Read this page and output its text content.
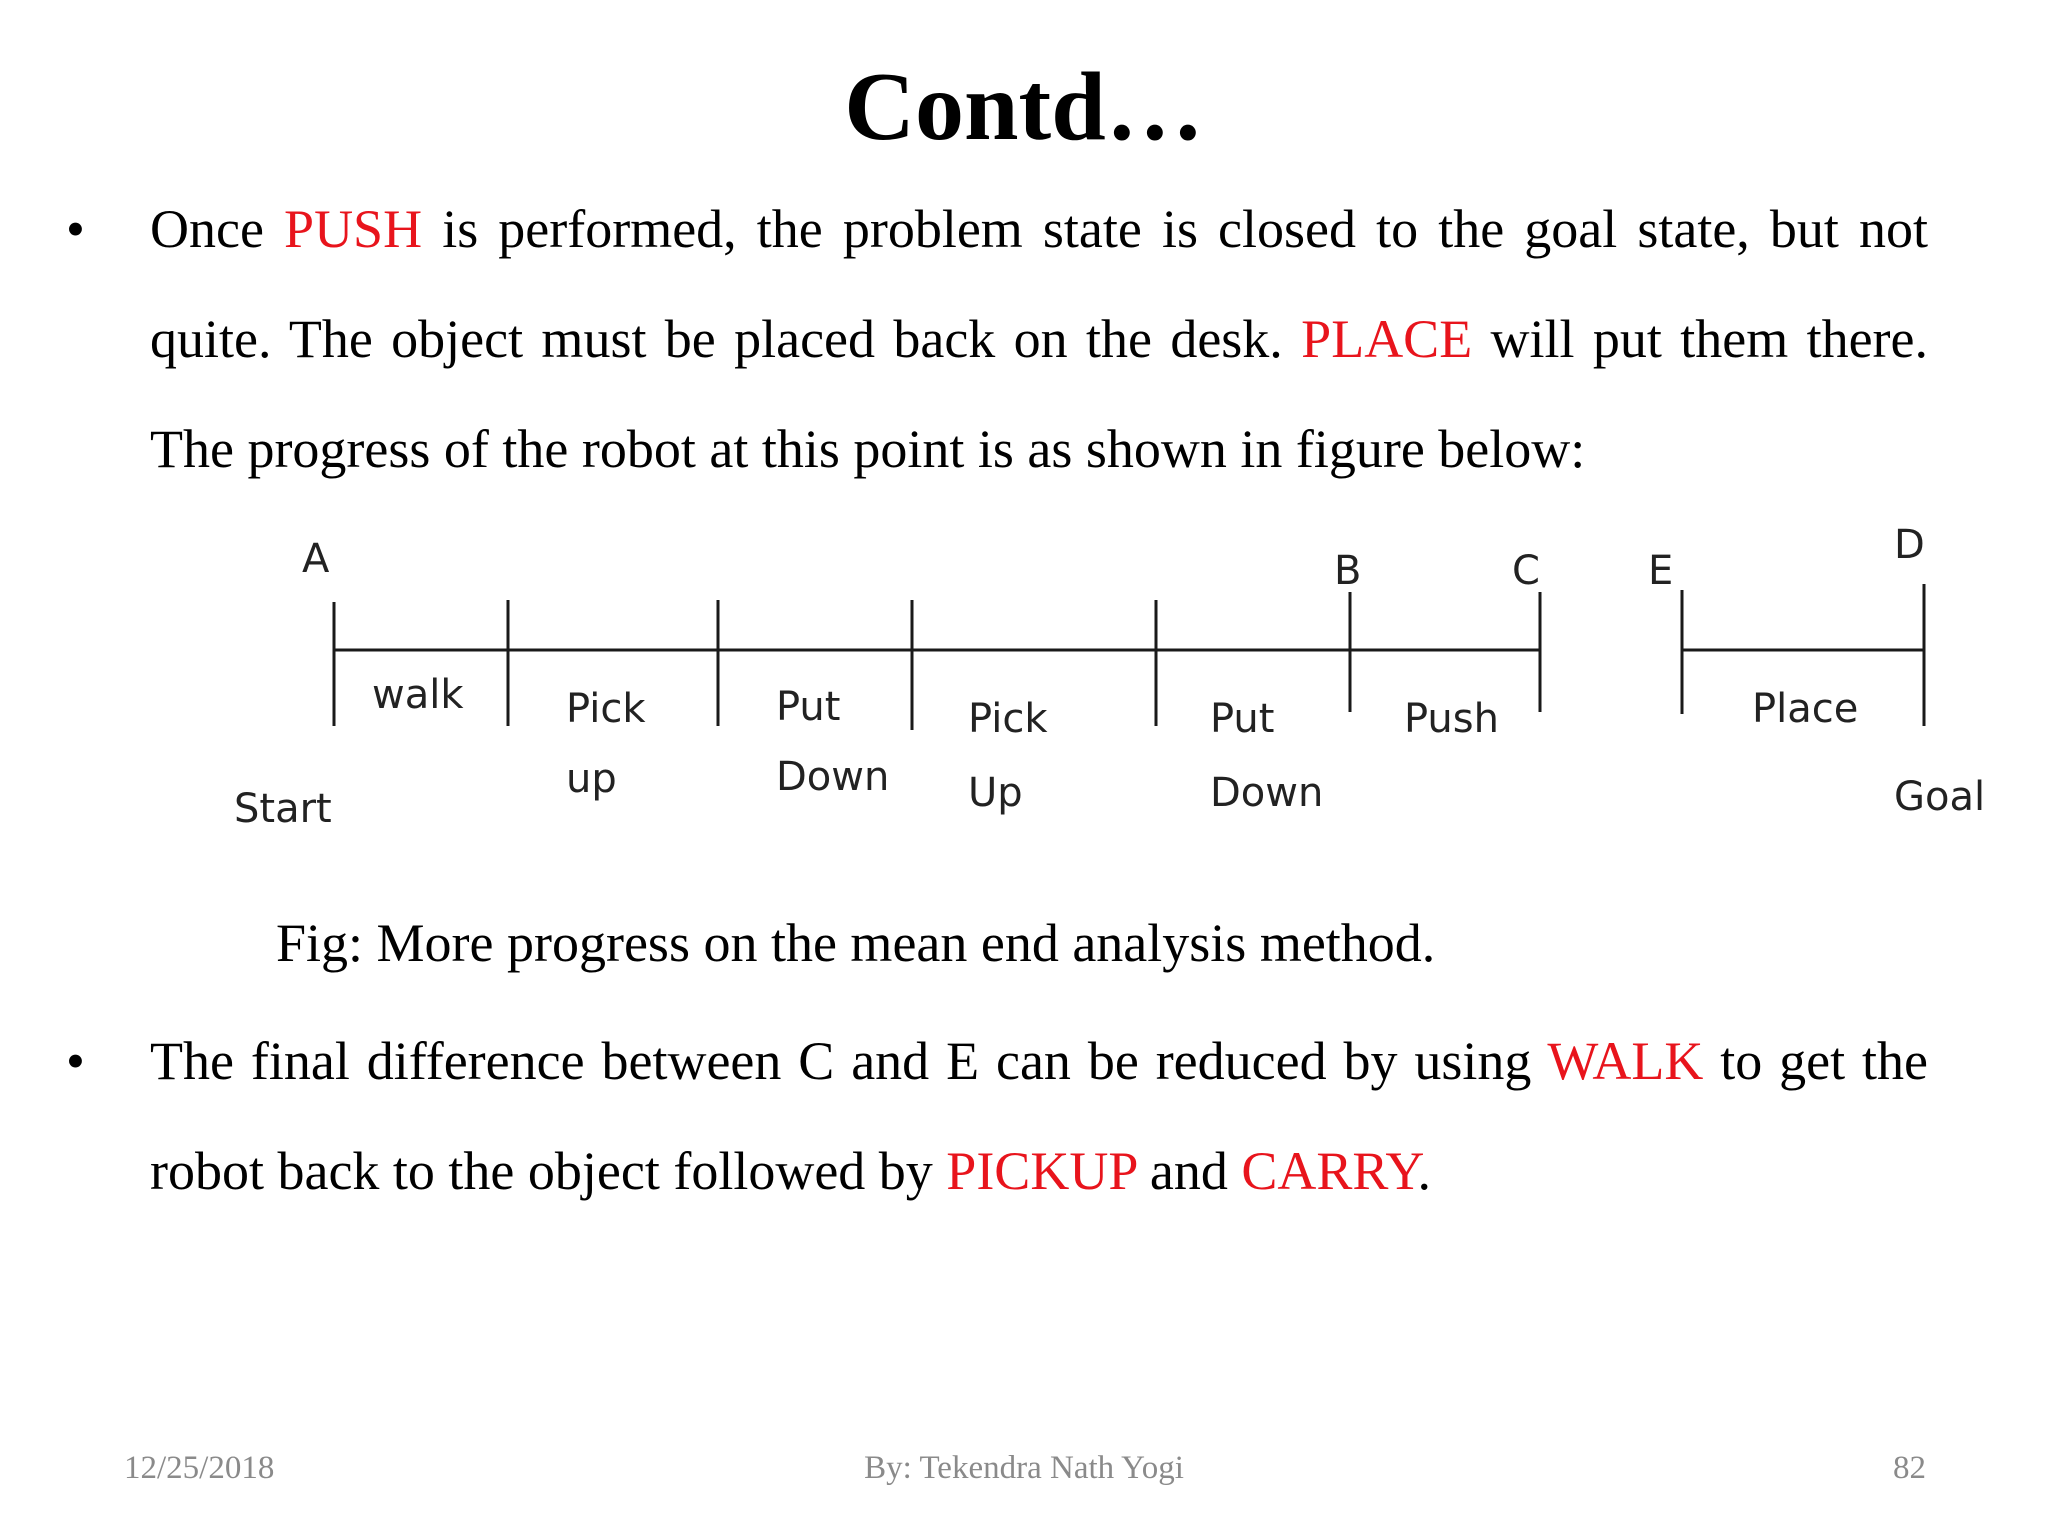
Contd…
• Once PUSH is performed, the problem state is closed to the goal state, but not quite. The object must be placed back on the desk. PLACE will put them there. The progress of the robot at this point is as shown in figure below:
A	B	C	E
D
walk	Pick
up
Put
Down
Pick
Up
Put
Down
Push	Place
Start	Goal
Fig: More progress on the mean end analysis method.
• The final difference between C and E can be reduced by using WALK to get the robot back to the object followed by PICKUP and CARRY.
12/25/2018	By: Tekendra Nath Yogi	82
